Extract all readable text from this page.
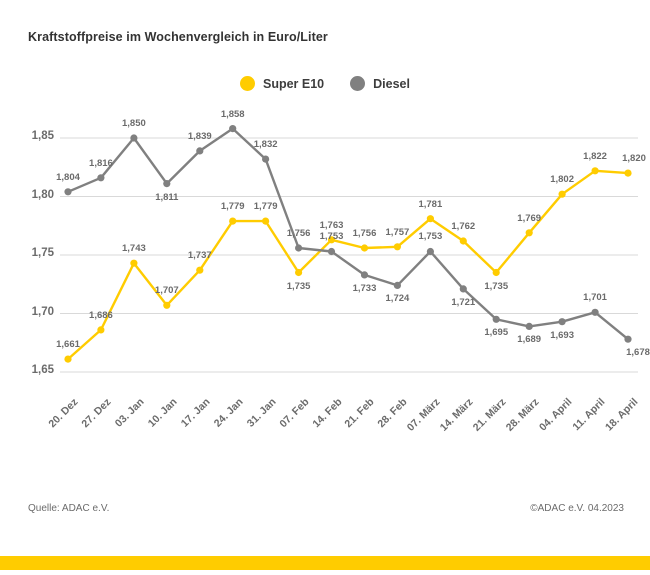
Kraftstoffpreise im Wochenvergleich in Euro/Liter
Super E10	Diesel
1,65
1,70
1,75
1,80
1,85
20. Dez
27. Dez 03. Jan 10. Jan 17. Jan 24. Jan 31. Jan
07. Feb
14. Feb
21. Feb
28. Feb
07. März
14. März
21. März
28. März
04. April
11. April
18. April
1,661
1,686
1,743
1,707
1,737
1,779 1,779
1,735
1,763
1,756 1,757
1,781
1,762
1,735
1,769
1,802
1,822 1,820
1,804
1,816
1,850
1,811
1,839
1,858
1,832
1,756 1,753
1,733
1,724
1,753
1,721
1,695
1,689 1,693
1,701
1,678
Quelle: ADAC e.V.	©ADAC e.V. 04.2023
